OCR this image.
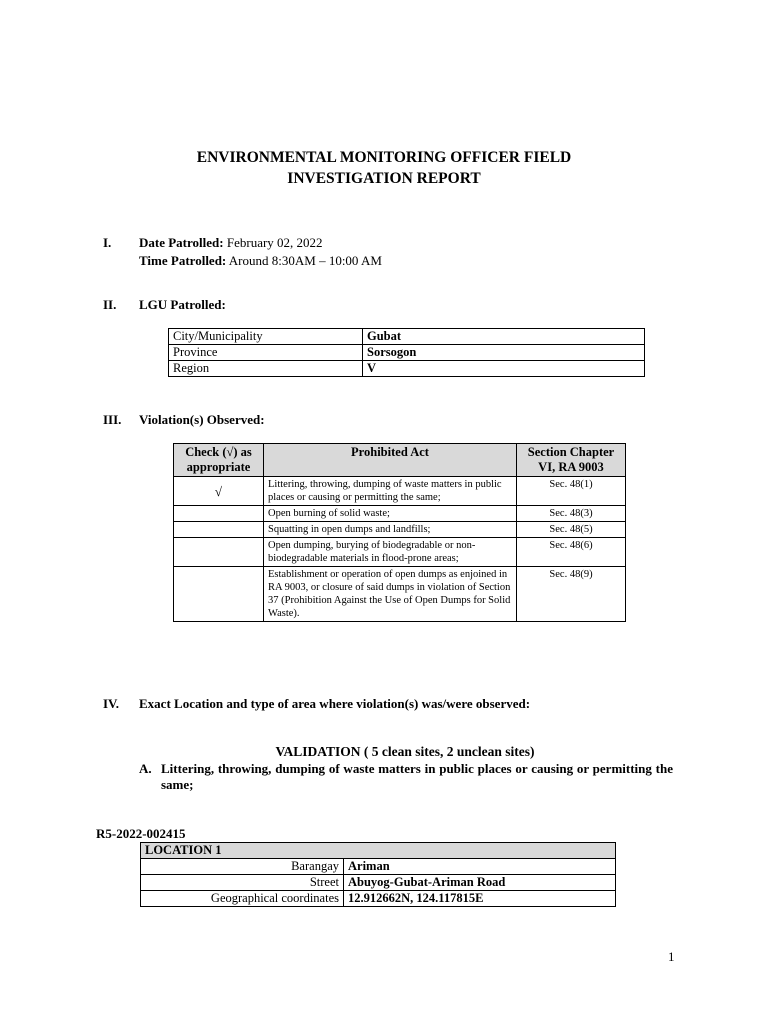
ENVIRONMENTAL MONITORING OFFICER FIELD
INVESTIGATION REPORT
I. Date Patrolled: February 02, 2022
Time Patrolled: Around 8:30AM – 10:00 AM
II. LGU Patrolled:
City/Municipality	Gubat
Province	Sorsogon
Region	V
III. Violation(s) Observed:
Check (√) as appropriate	Prohibited Act	Section Chapter VI, RA 9003
√	Littering, throwing, dumping of waste matters in public places or causing or permitting the same;	Sec. 48(1)
	Open burning of solid waste;	Sec. 48(3)
	Squatting in open dumps and landfills;	Sec. 48(5)
	Open dumping, burying of biodegradable or non-biodegradable materials in flood-prone areas;	Sec. 48(6)
	Establishment or operation of open dumps as enjoined in RA 9003, or closure of said dumps in violation of Section 37 (Prohibition Against the Use of Open Dumps for Solid Waste).	Sec. 48(9)
IV. Exact Location and type of area where violation(s) was/were observed:
VALIDATION ( 5 clean sites, 2 unclean sites)
A. Littering, throwing, dumping of waste matters in public places or causing or permitting the same;
R5-2022-002415
LOCATION 1	
Barangay	Ariman
Street	Abuyog-Gubat-Ariman Road
Geographical coordinates	12.912662N, 124.117815E
1
